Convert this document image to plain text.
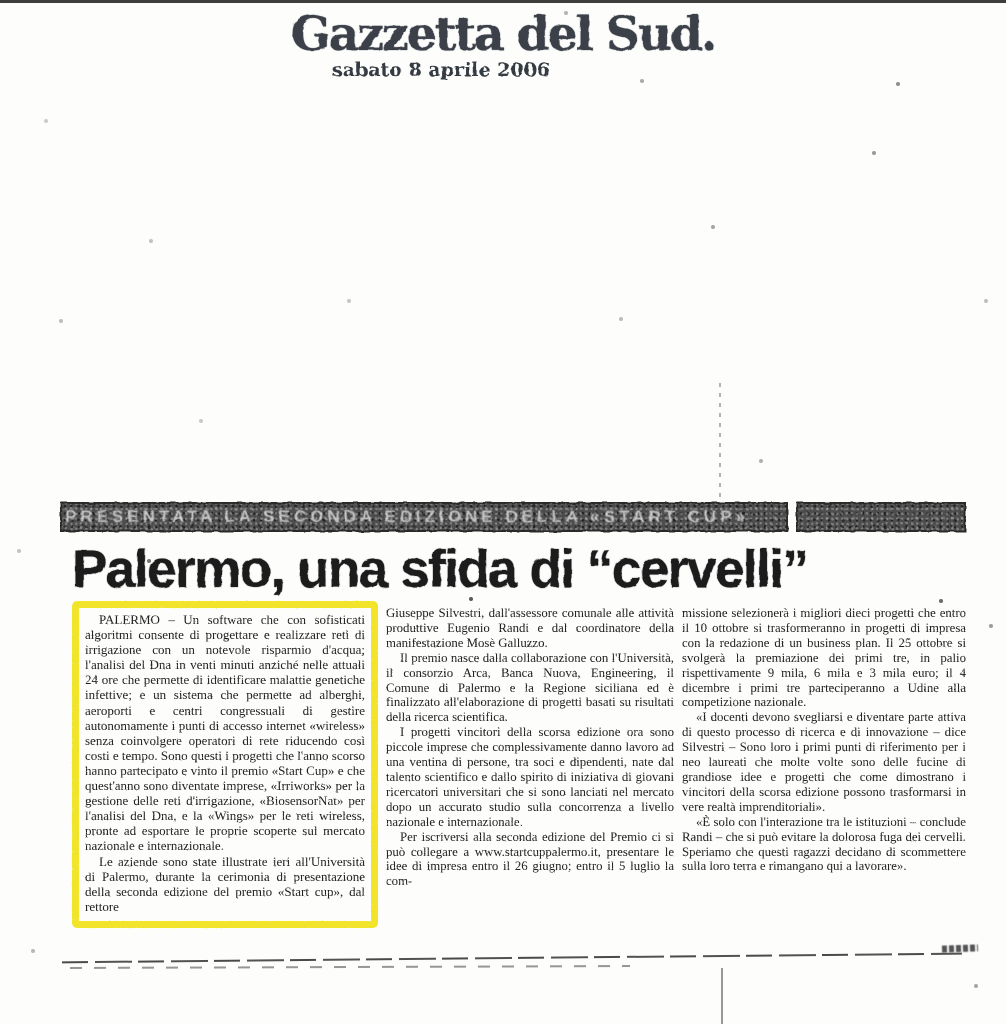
Gazzetta del Sud.
sabato 8 aprile 2006
PRESENTATA LA SECONDA EDIZIONE DELLA «START CUP»
Palermo, una sfida di “cervelli”

PALERMO – Un software che con sofisticati algoritmi consente di progettare e realizzare reti di irrigazione con un notevole risparmio d'acqua; l'analisi del Dna in venti minuti anziché nelle attuali 24 ore che permette di identificare malattie genetiche infettive; e un sistema che permette ad alberghi, aeroporti e centri congressuali di gestire autonomamente i punti di accesso internet «wireless» senza coinvolgere operatori di rete riducendo così costi e tempo. Sono questi i progetti che l'anno scorso hanno partecipato e vinto il premio «Start Cup» e che quest'anno sono diventate imprese, «Irriworks» per la gestione delle reti d'irrigazione, «BiosensorNat» per l'analisi del Dna, e la «Wings» per le reti wireless, pronte ad esportare le proprie scoperte sul mercato nazionale e internazionale.

Le aziende sono state illustrate ieri all'Università di Palermo, durante la cerimonia di presentazione della seconda edizione del premio «Start cup», dal rettore

Giuseppe Silvestri, dall'assessore comunale alle attività produttive Eugenio Randi e dal coordinatore della manifestazione Mosè Galluzzo.

Il premio nasce dalla collaborazione con l'Università, il consorzio Arca, Banca Nuova, Engineering, il Comune di Palermo e la Regione siciliana ed è finalizzato all'elaborazione di progetti basati su risultati della ricerca scientifica.

I progetti vincitori della scorsa edizione ora sono piccole imprese che complessivamente danno lavoro ad una ventina di persone, tra soci e dipendenti, nate dal talento scientifico e dallo spirito di iniziativa di giovani ricercatori universitari che si sono lanciati nel mercato dopo un accurato studio sulla concorrenza a livello nazionale e internazionale.

Per iscriversi alla seconda edizione del Premio ci si può collegare a www.startcuppalermo.it, presentare le idee di impresa entro il 26 giugno; entro il 5 luglio la com-

missione selezionerà i migliori dieci progetti che entro il 10 ottobre si trasformeranno in progetti di impresa con la redazione di un business plan. Il 25 ottobre si svolgerà la premiazione dei primi tre, in palio rispettivamente 9 mila, 6 mila e 3 mila euro; il 4 dicembre i primi tre parteciperanno a Udine alla competizione nazionale.

«I docenti devono svegliarsi e diventare parte attiva di questo processo di ricerca e di innovazione – dice Silvestri – Sono loro i primi punti di riferimento per i neo laureati che molte volte sono delle fucine di grandiose idee e progetti che come dimostrano i vincitori della scorsa edizione possono trasformarsi in vere realtà imprenditoriali».

«È solo con l'interazione tra le istituzioni – conclude Randi – che si può evitare la dolorosa fuga dei cervelli. Speriamo che questi ragazzi decidano di scommettere sulla loro terra e rimangano qui a lavorare».
